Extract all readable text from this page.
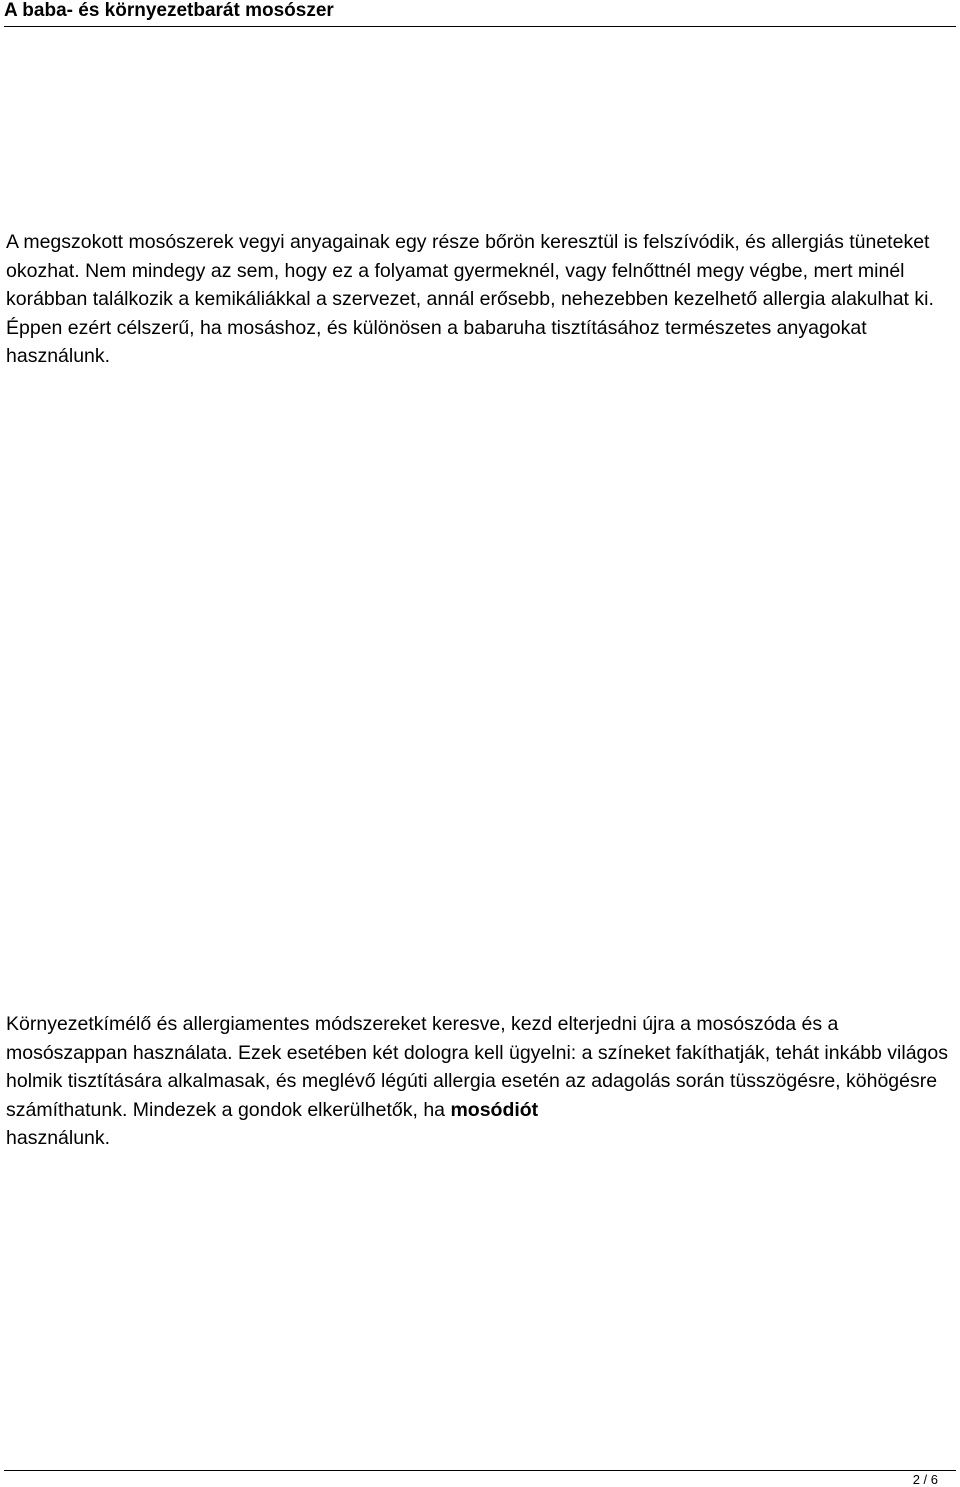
A baba- és környezetbarát mosószer

A megszokott mosószerek vegyi anyagainak egy része bőrön keresztül is felszívódik, és allergiás tüneteket okozhat. Nem mindegy az sem, hogy ez a folyamat gyermeknél, vagy felnőttnél megy végbe, mert minél korábban találkozik a kemikáliákkal a szervezet, annál erősebb, nehezebben kezelhető allergia alakulhat ki. Éppen ezért célszerű, ha mosáshoz, és különösen a babaruha tisztításához természetes anyagokat használunk.

Környezetkímélő és allergiamentes módszereket keresve, kezd elterjedni újra a mosószóda és a mosószappan használata. Ezek esetében két dologra kell ügyelni: a színeket fakíthatják, tehát inkább világos holmik tisztítására alkalmasak, és meglévő légúti allergia esetén az adagolás során tüsszögésre, köhögésre számíthatunk. Mindezek a gondok elkerülhetők, ha mosódiót
használunk.

2 / 6
